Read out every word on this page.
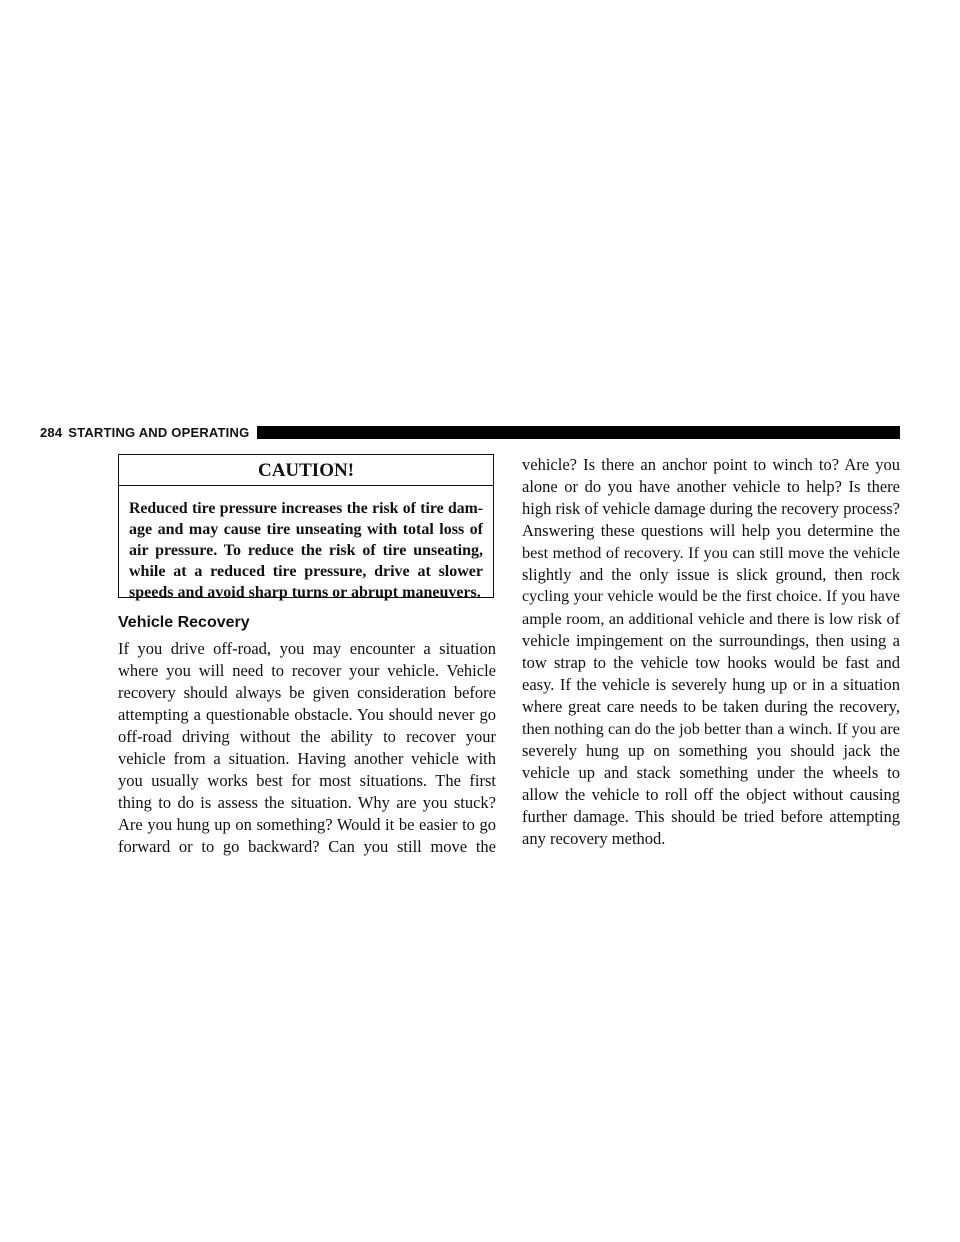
284 STARTING AND OPERATING
CAUTION!
Reduced tire pressure increases the risk of tire dam-
age and may cause tire unseating with total loss of
air pressure. To reduce the risk of tire unseating,
while at a reduced tire pressure, drive at slower
speeds and avoid sharp turns or abrupt maneuvers.
Vehicle Recovery
If you drive off-road, you may encounter a situation
where you will need to recover your vehicle. Vehicle
recovery should always be given consideration before
attempting a questionable obstacle. You should never go
off-road driving without the ability to recover your
vehicle from a situation. Having another vehicle with
you usually works best for most situations. The first
thing to do is assess the situation. Why are you stuck?
Are you hung up on something? Would it be easier to go
forward or to go backward? Can you still move the
vehicle? Is there an anchor point to winch to? Are you
alone or do you have another vehicle to help? Is there
high risk of vehicle damage during the recovery process?
Answering these questions will help you determine the
best method of recovery. If you can still move the vehicle
slightly and the only issue is slick ground, then rock
cycling your vehicle would be the first choice. If you have
ample room, an additional vehicle and there is low risk of
vehicle impingement on the surroundings, then using a
tow strap to the vehicle tow hooks would be fast and
easy. If the vehicle is severely hung up or in a situation
where great care needs to be taken during the recovery,
then nothing can do the job better than a winch. If you are
severely hung up on something you should jack the
vehicle up and stack something under the wheels to
allow the vehicle to roll off the object without causing
further damage. This should be tried before attempting
any recovery method.
